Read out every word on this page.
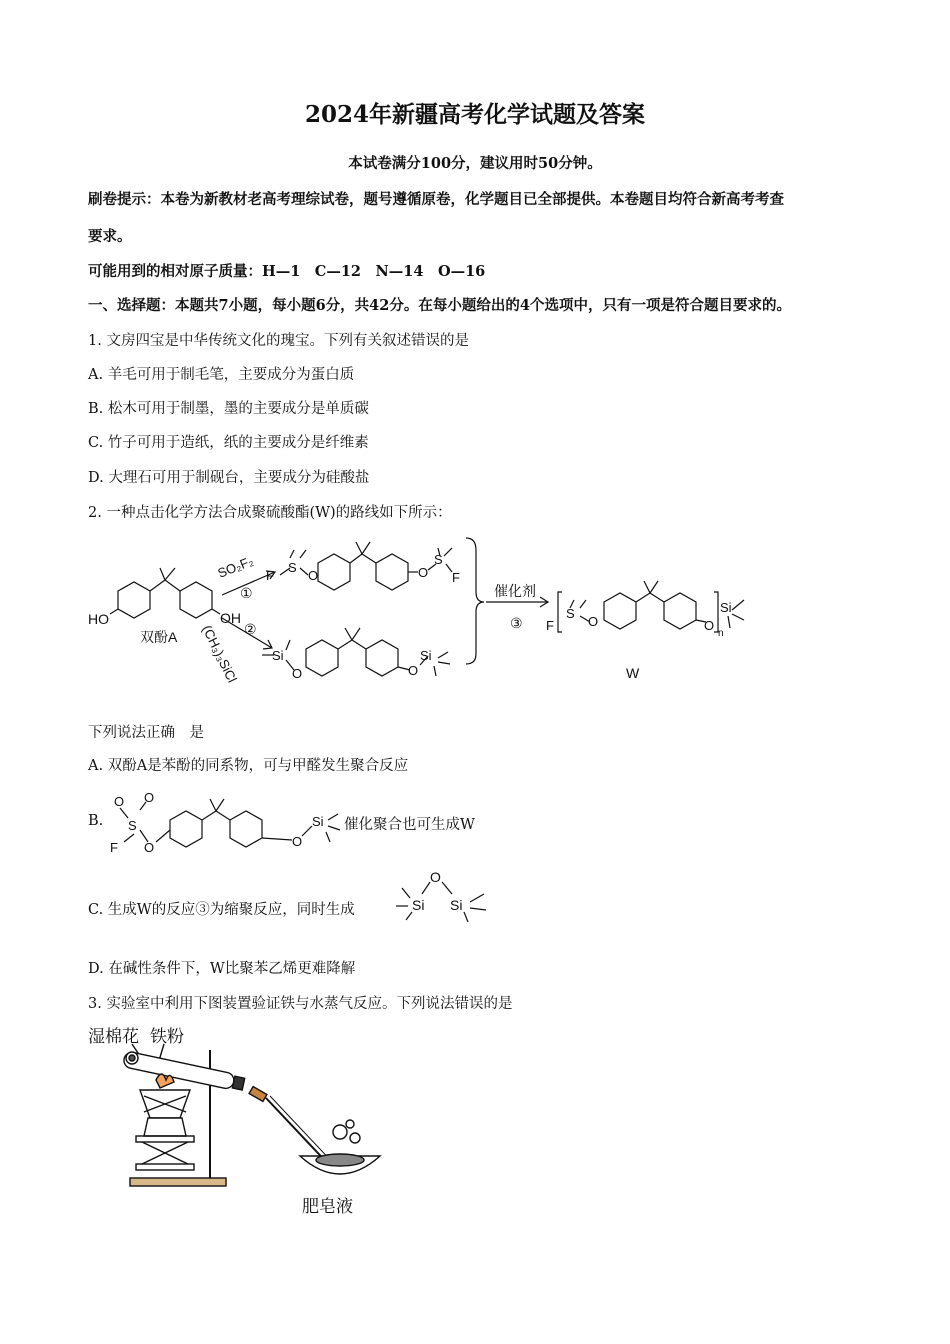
2024年新疆高考化学试题及答案
本试卷满分100分，建议用时50分钟。
刷卷提示：本卷为新教材老高考理综试卷，题号遵循原卷，化学题目已全部提供。本卷题目均符合新高考考查
要求。
可能用到的相对原子质量：H—1　C—12　N—14　O—16
一、选择题：本题共7小题，每小题6分，共42分。在每小题给出的4个选项中，只有一项是符合题目要求的。
1. 文房四宝是中华传统文化的瑰宝。下列有关叙述错误的是
A. 羊毛可用于制毛笔，主要成分为蛋白质
B. 松木可用于制墨，墨的主要成分是单质碳
C. 竹子可用于造纸，纸的主要成分是纤维素
D. 大理石可用于制砚台，主要成分为硅酸盐
2. 一种点击化学方法合成聚硫酸酯(W)的路线如下所示：
HO	OH
双酚A
SO₂F₂
①
(CH₃)₃SiCl ②
F
S
O	O
S
F
Si
O	O
Si
催化剂
③ F
S
O	O
n
Si
W
下列说法正确　是
A. 双酚A是苯酚的同系物，可与甲醛发生聚合反应
B.
O O
S
F O	O
Si 催化聚合也可生成W
C. 生成W的反应③为缩聚反应，同时生成
O
Si Si
D. 在碱性条件下，W比聚苯乙烯更难降解
3. 实验室中利用下图装置验证铁与水蒸气反应。下列说法错误的是
湿棉花 铁粉
肥皂液
